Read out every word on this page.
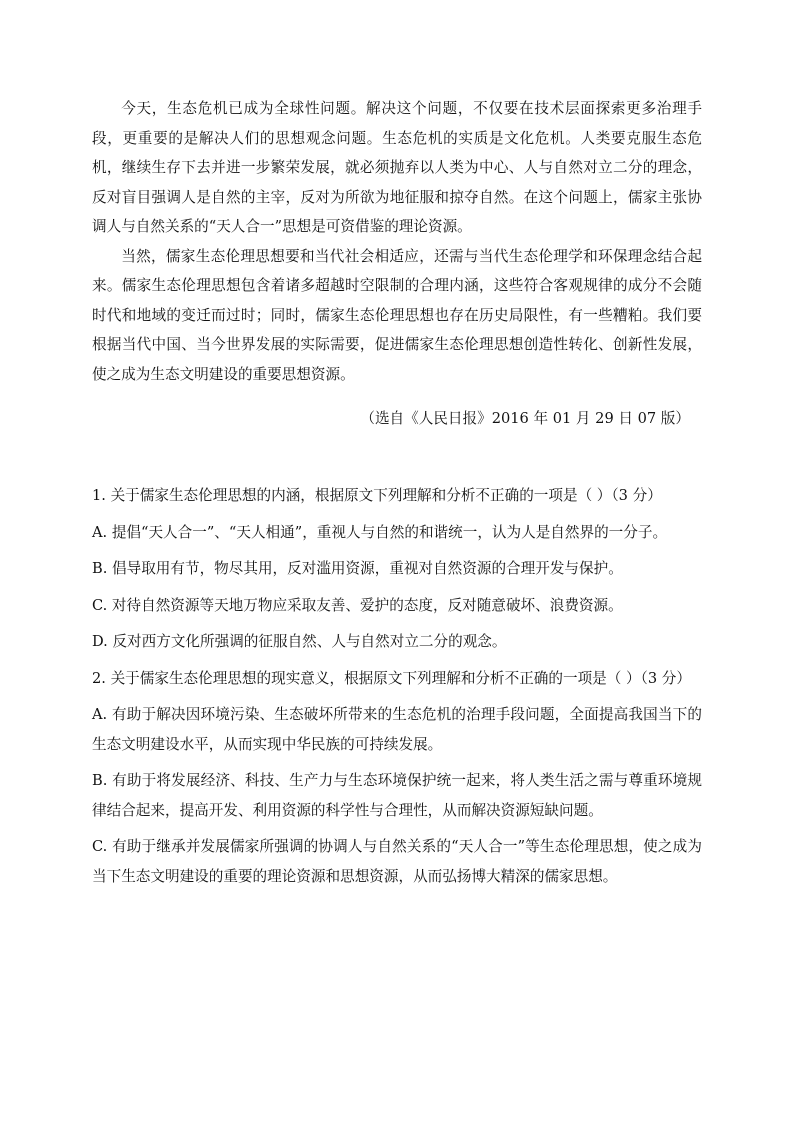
今天，生态危机已成为全球性问题。解决这个问题，不仅要在技术层面探索更多治理手段，更重要的是解决人们的思想观念问题。生态危机的实质是文化危机。人类要克服生态危机，继续生存下去并进一步繁荣发展，就必须抛弃以人类为中心、人与自然对立二分的理念，反对盲目强调人是自然的主宰，反对为所欲为地征服和掠夺自然。在这个问题上，儒家主张协调人与自然关系的“天人合一”思想是可资借鉴的理论资源。

当然，儒家生态伦理思想要和当代社会相适应，还需与当代生态伦理学和环保理念结合起来。儒家生态伦理思想包含着诸多超越时空限制的合理内涵，这些符合客观规律的成分不会随时代和地域的变迁而过时；同时，儒家生态伦理思想也存在历史局限性，有一些糟粕。我们要根据当代中国、当今世界发展的实际需要，促进儒家生态伦理思想创造性转化、创新性发展，使之成为生态文明建设的重要思想资源。

（选自《人民日报》2016 年 01 月 29 日 07 版）
1. 关于儒家生态伦理思想的内涵，根据原文下列理解和分析不正确的一项是（ ）（3 分）
A. 提倡“天人合一”、“天人相通”，重视人与自然的和谐统一，认为人是自然界的一分子。
B. 倡导取用有节，物尽其用，反对滥用资源，重视对自然资源的合理开发与保护。
C. 对待自然资源等天地万物应采取友善、爱护的态度，反对随意破坏、浪费资源。
D. 反对西方文化所强调的征服自然、人与自然对立二分的观念。
2. 关于儒家生态伦理思想的现实意义，根据原文下列理解和分析不正确的一项是（ ）（3 分）
A. 有助于解决因环境污染、生态破坏所带来的生态危机的治理手段问题，全面提高我国当下的生态文明建设水平，从而实现中华民族的可持续发展。
B. 有助于将发展经济、科技、生产力与生态环境保护统一起来，将人类生活之需与尊重环境规律结合起来，提高开发、利用资源的科学性与合理性，从而解决资源短缺问题。
C. 有助于继承并发展儒家所强调的协调人与自然关系的“天人合一”等生态伦理思想，使之成为当下生态文明建设的重要的理论资源和思想资源，从而弘扬博大精深的儒家思想。
